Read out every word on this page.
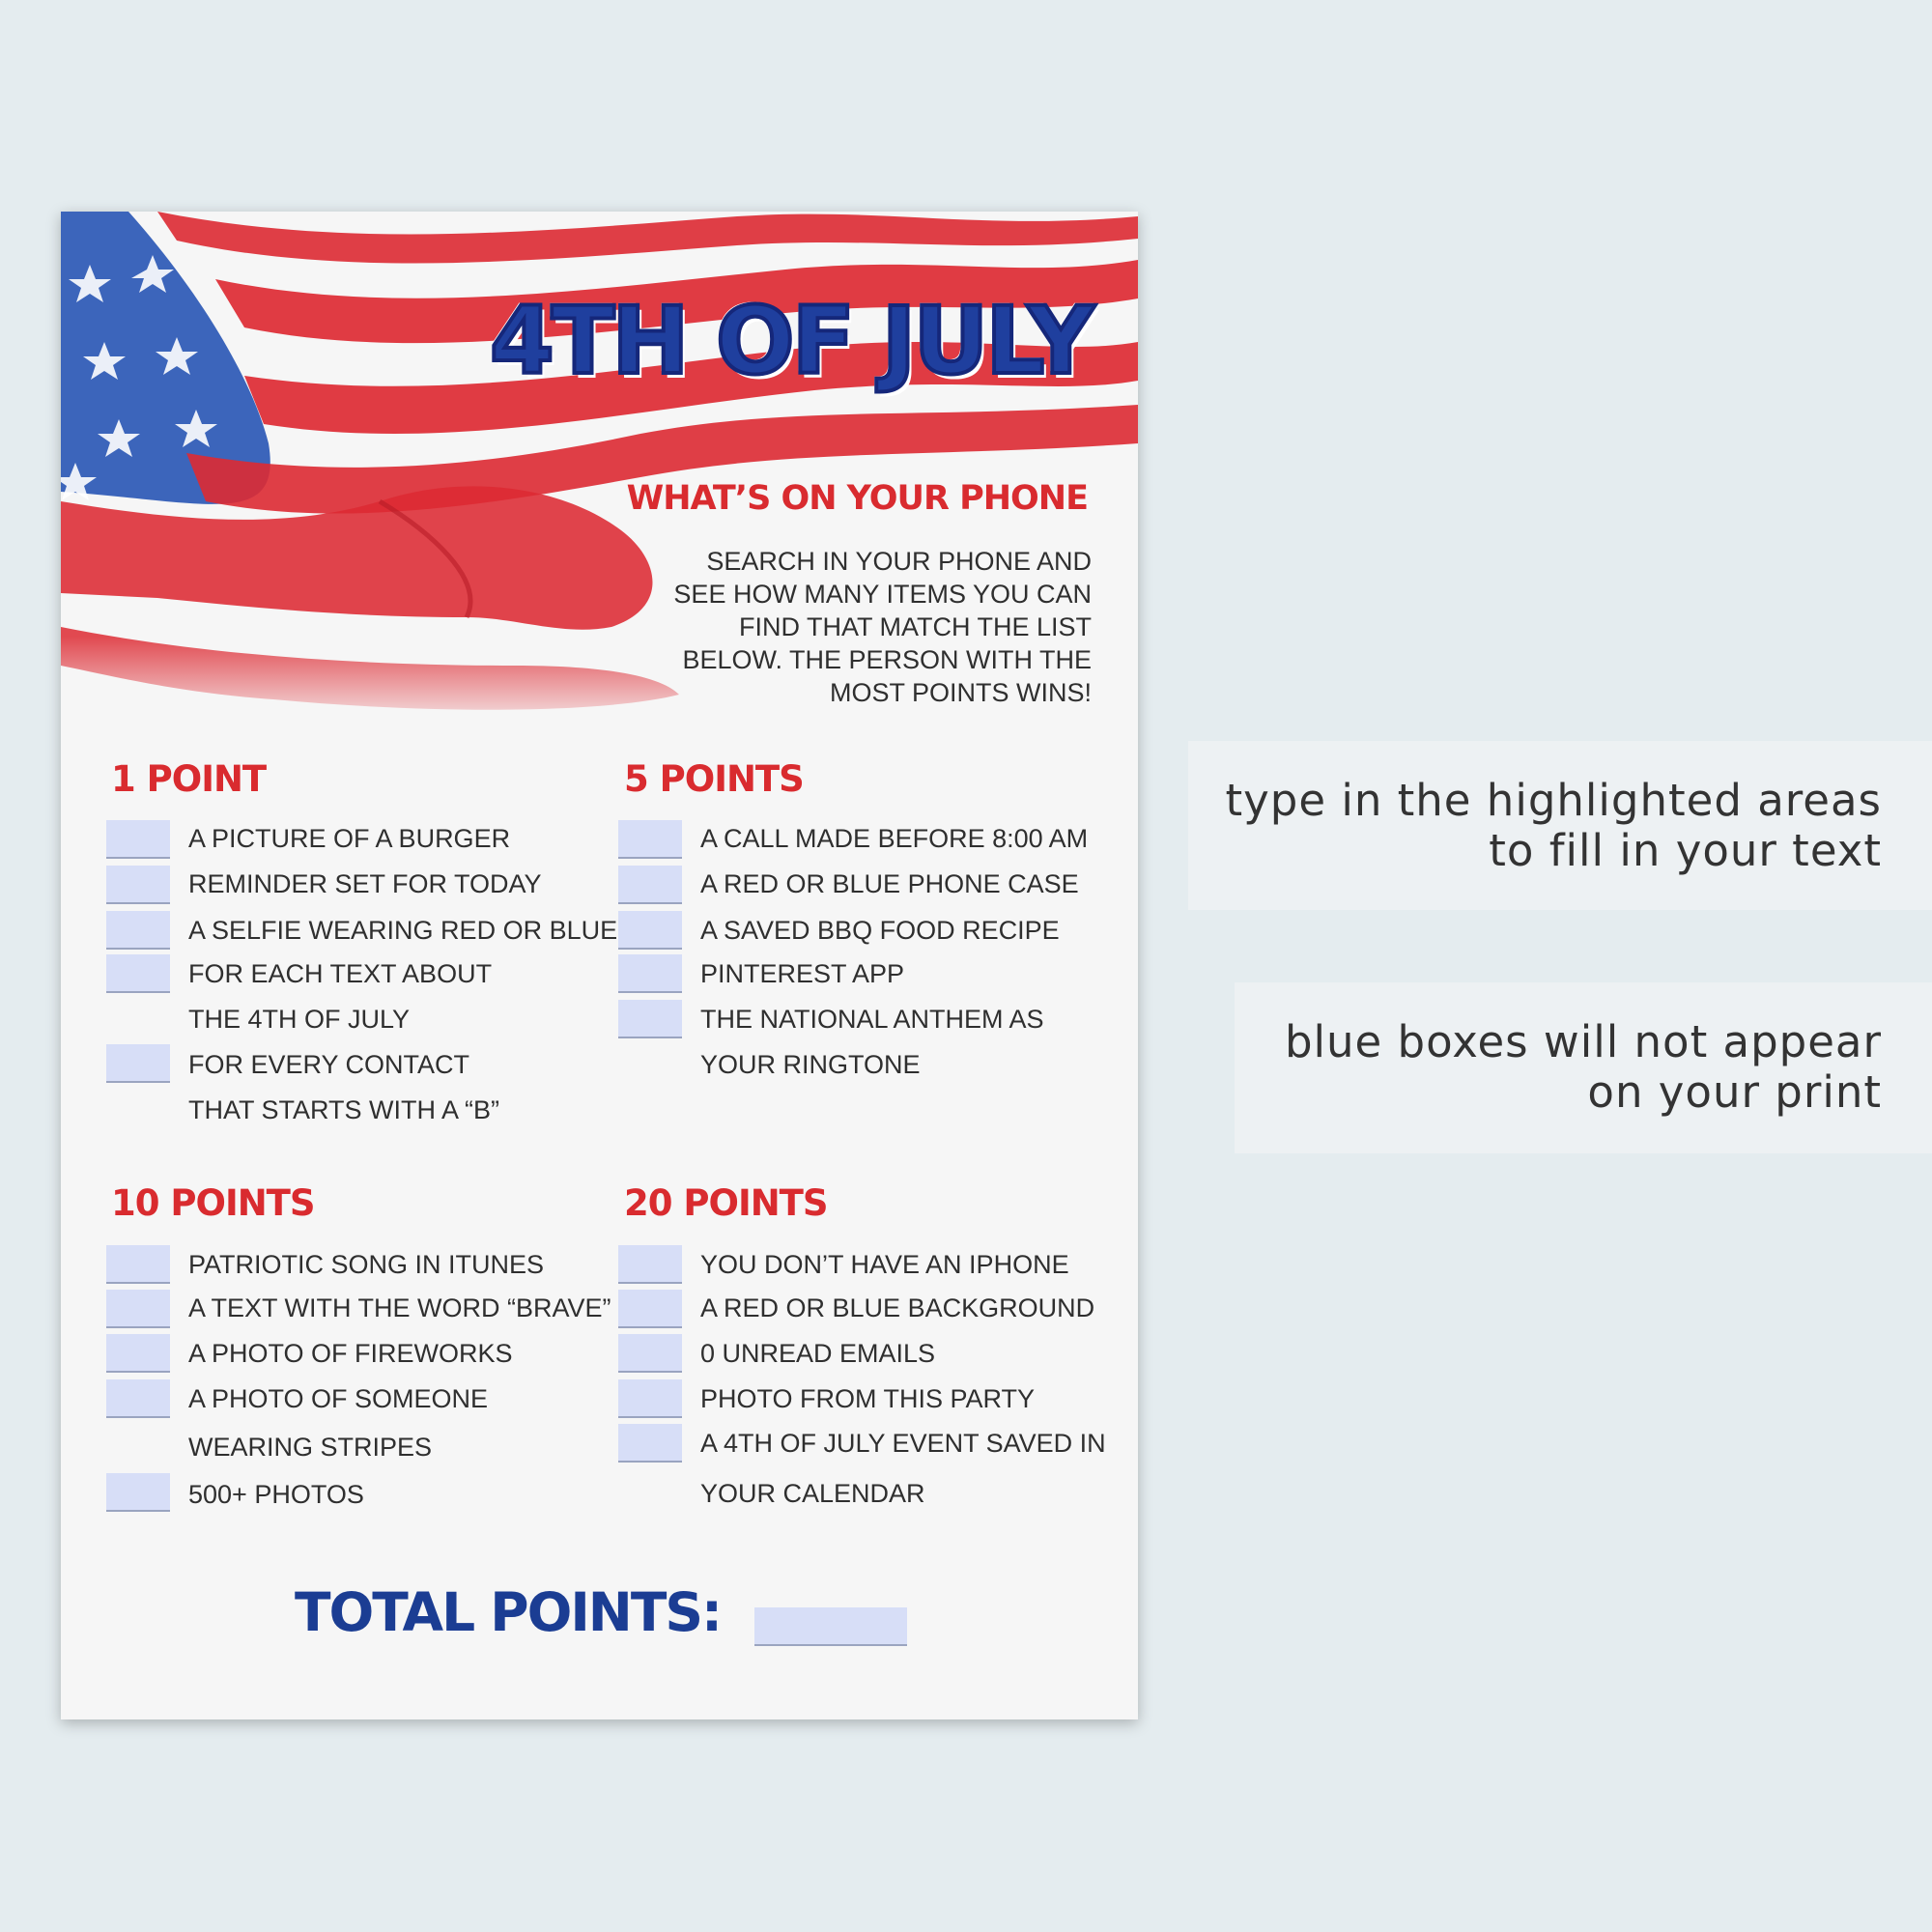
4TH OF JULY
WHAT’S ON YOUR PHONE

SEARCH IN YOUR PHONE AND
SEE HOW MANY ITEMS YOU CAN
FIND THAT MATCH THE LIST
BELOW. THE PERSON WITH THE
MOST POINTS WINS!

1 POINT
A PICTURE OF A BURGER
REMINDER SET FOR TODAY
A SELFIE WEARING RED OR BLUE
FOR EACH TEXT ABOUT
THE 4TH OF JULY
FOR EVERY CONTACT
THAT STARTS WITH A “B”
5 POINTS
A CALL MADE BEFORE 8:00 AM
A RED OR BLUE PHONE CASE
A SAVED BBQ FOOD RECIPE
PINTEREST APP
THE NATIONAL ANTHEM AS
YOUR RINGTONE
10 POINTS
PATRIOTIC SONG IN ITUNES
A TEXT WITH THE WORD “BRAVE”
A PHOTO OF FIREWORKS
A PHOTO OF SOMEONE
WEARING STRIPES
500+ PHOTOS
20 POINTS
YOU DON’T HAVE AN IPHONE
A RED OR BLUE BACKGROUND
0 UNREAD EMAILS
PHOTO FROM THIS PARTY
A 4TH OF JULY EVENT SAVED IN
YOUR CALENDAR
TOTAL POINTS:
type in the highlighted areas
to fill in your text
blue boxes will not appear
on your print
